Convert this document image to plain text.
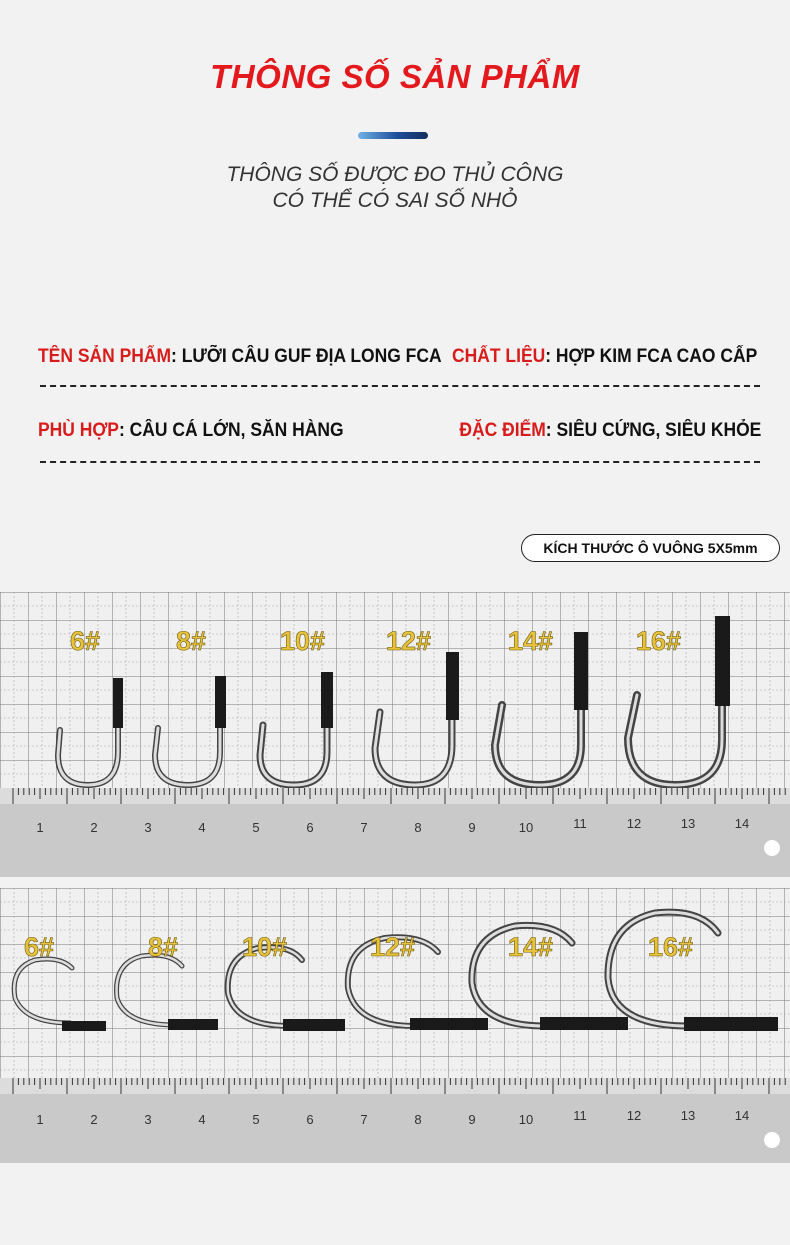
THÔNG SỐ SẢN PHẨM
THÔNG SỐ ĐƯỢC ĐO THỦ CÔNG
CÓ THỂ CÓ SAI SỐ NHỎ
TÊN SẢN PHẨM: LƯỠI CÂU GUF ĐỊA LONG FCA CHẤT LIỆU: HỢP KIM FCA CAO CẤP
PHÙ HỢP: CÂU CÁ LỚN, SĂN HÀNG	ĐẶC ĐIỂM: SIÊU CỨNG, SIÊU KHỎE
KÍCH THƯỚC Ô VUÔNG 5X5mm
6#	8#	10# 12#	14#	16#
1	2	3	4	5	6	7	8	9	10	11	12	13	14
6#	8# 10#	12#	14#	16#
1	2	3	4	5	6	7	8	9	10	11	12	13	14
